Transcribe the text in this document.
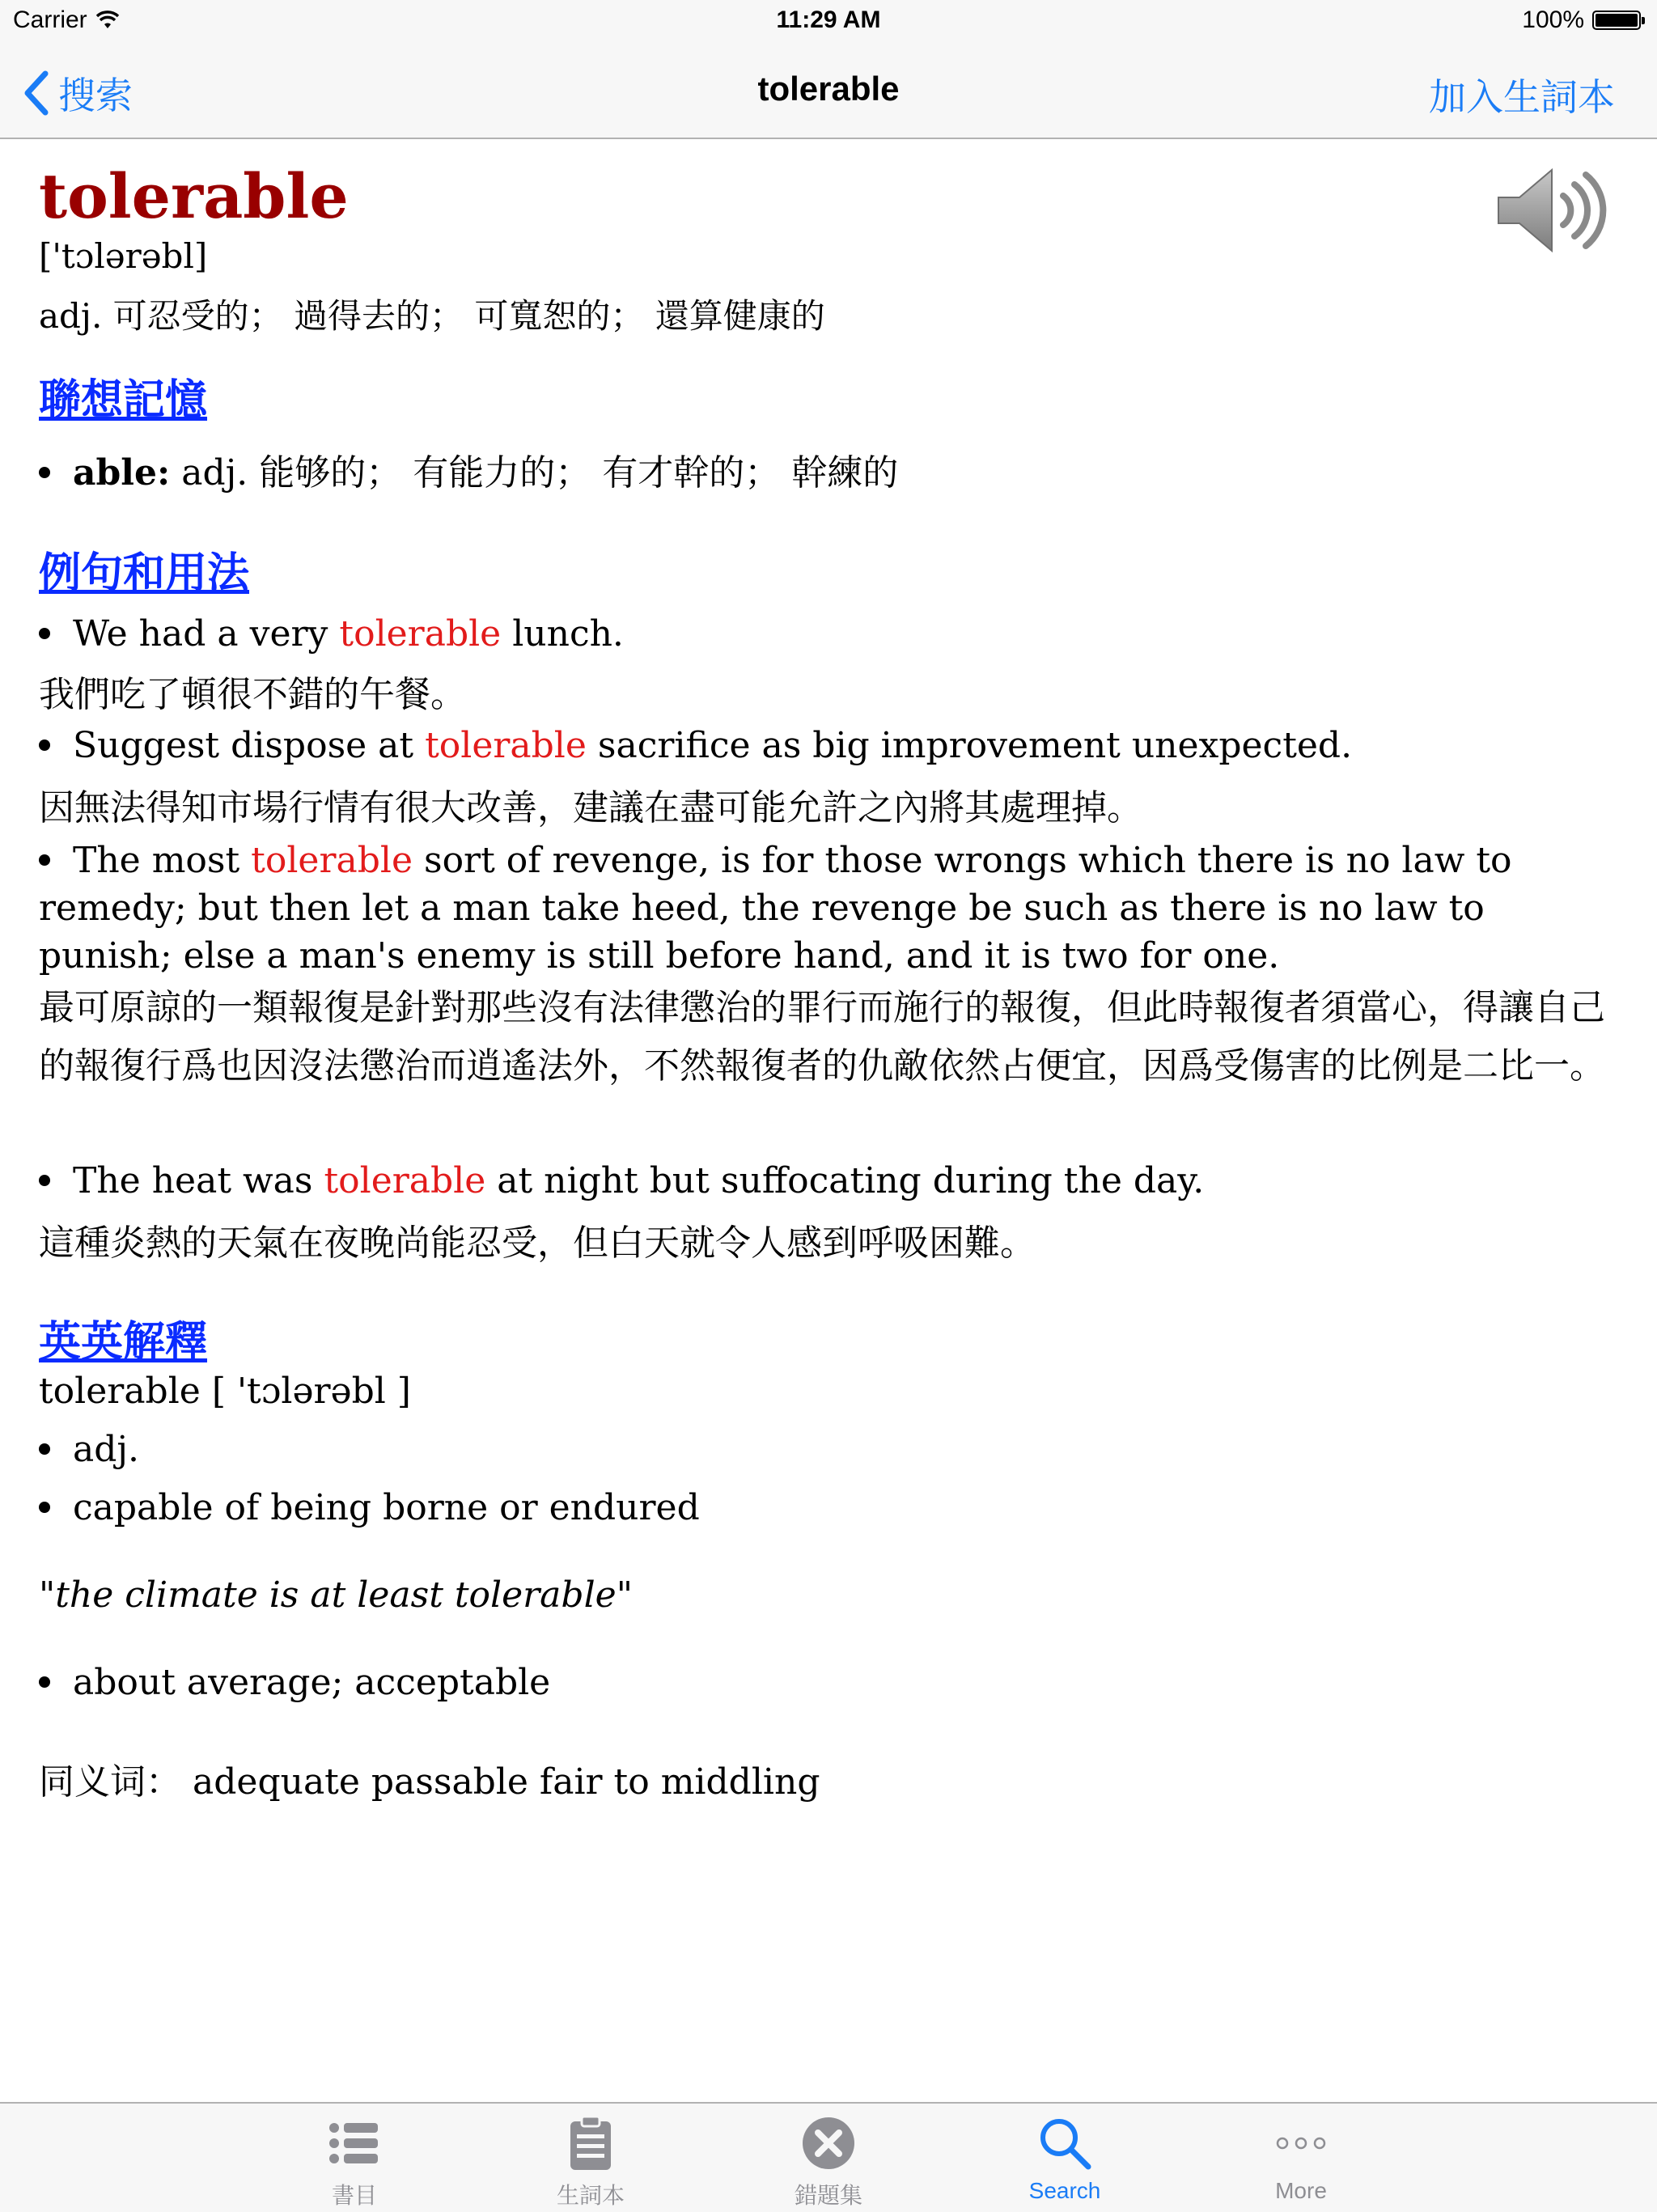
Carrier	11:29 AM	100%
搜索	tolerable	加入生詞本
tolerable
['tɔlərəbl]
adj. 可忍受的； 過得去的； 可寬恕的； 還算健康的
聯想記憶
able: adj. 能够的； 有能力的； 有才幹的； 幹練的
例句和用法
We had a very tolerable lunch.
我們吃了頓很不錯的午餐。
Suggest dispose at tolerable sacrifice as big improvement unexpected.
因無法得知市場行情有很大改善，建議在盡可能允許之內將其處理掉。
The most tolerable sort of revenge, is for those wrongs which there is no law to remedy; but then let a man take heed, the revenge be such as there is no law to punish; else a man's enemy is still before hand, and it is two for one.
最可原諒的一類報復是針對那些沒有法律懲治的罪行而施行的報復，但此時報復者須當心，得讓自己的報復行爲也因沒法懲治而逍遙法外，不然報復者的仇敵依然占便宜，因爲受傷害的比例是二比一。
The heat was tolerable at night but suffocating during the day.
這種炎熱的天氣在夜晚尚能忍受，但白天就令人感到呼吸困難。
英英解釋
tolerable [ 'tɔlərəbl ]
adj.
capable of being borne or endured
"the climate is at least tolerable"
about average; acceptable
同义词： adequate passable fair to middling
書目	生詞本	錯題集	Search	More
